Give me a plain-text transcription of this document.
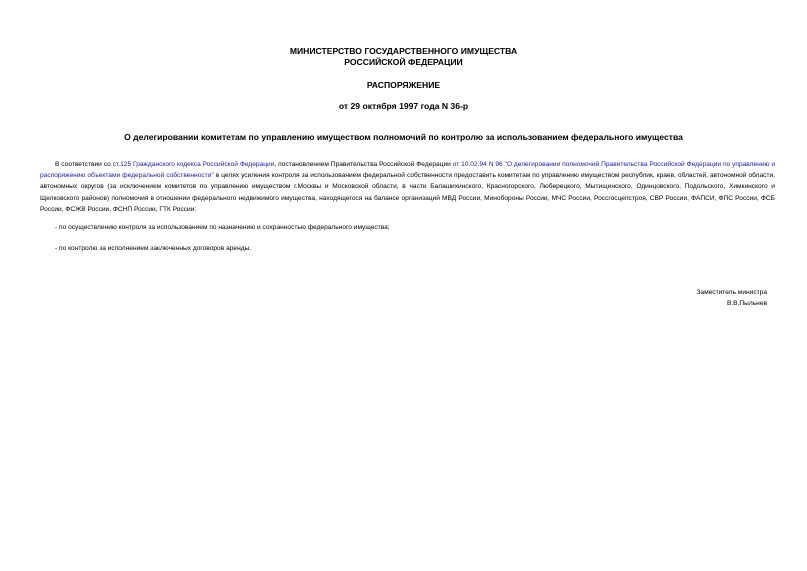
МИНИСТЕРСТВО ГОСУДАРСТВЕННОГО ИМУЩЕСТВА
РОССИЙСКОЙ ФЕДЕРАЦИИ
РАСПОРЯЖЕНИЕ
от 29 октября 1997 года N 36-р
О делегировании комитетам по управлению имуществом полномочий по контролю за использованием федерального имущества
В соответствии со ст.125 Гражданского кодекса Российской Федерации, постановлением Правительства Российской Федерации от 10.02.94 N 96 "О делегировании полномочий Правительства Российской Федерации по управлению и распоряжению объектами федеральной собственности" в целях усиления контроля за использованием федеральной собственности предоставить комитетам по управлению имуществом республик, краев, областей, автономной области, автономных округов (за исключением комитетов по управлению имуществом г.Москвы и Московской области, в части Балашихинского, Красногорского, Люберецкого, Мытищинского, Одинцовского, Подольского, Химкинского и Щелковского районов) полномочия в отношении федерального недвижимого имущества, находящегося на балансе организаций МВД России, Минобороны России, МЧС России, Россгосцепстроя, СВР России, ФАПСИ, ФПС России, ФСБ России, ФСЖВ России, ФСНП России, ГТК России:
- по осуществлению контроля за использованием по назначению и сохранностью федерального имущества;
- по контролю за исполнением заключенных договоров аренды.
Заместитель министра
В.В.Пыльнев
